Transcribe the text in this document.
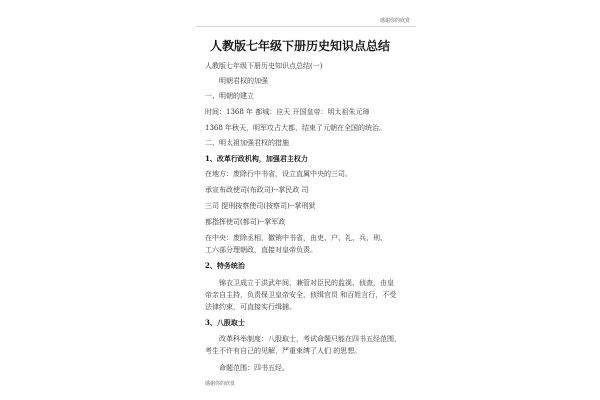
感谢你的欣赏
人教版七年级下册历史知识点总结
人教版七年级下册历史知识点总结(一)
明朝君权的加强
一、明朝的建立
时间：1368 年 都城：应天 开国皇帝：明太祖朱元璋
1368 年秋天，明军攻占大都，结束了元朝在全国的统治。
二、明太祖加强君权的措施
1、改革行政机构，加强君主权力
在地方：废除行中书省，设立直属中央的三司。
承宣布政使司(布政司)--掌民政 司
三司 提刑按察使司(按察司)--掌刑狱
都指挥使司(都司)--掌军政
在中央：废除丞相，撤销中书省，由吏、户、礼、兵、刑、
工六部分理朝政，直接对皇帝负责。
2、特务统治
锦衣卫成立于洪武年间，兼管对臣民的监视、侦查，由皇
帝亲自主持，负责保卫皇帝安全，侦缉官员 和百姓言行，不受
法律约束，可直接实行缉捕。
3、八股取士
改革科举制度：八股取士，考试命题只能在四书五经范围，
考生不许有自己的见解，严重束缚了人们 的思想。
命题范围：四书五经。
感谢你的欣赏
